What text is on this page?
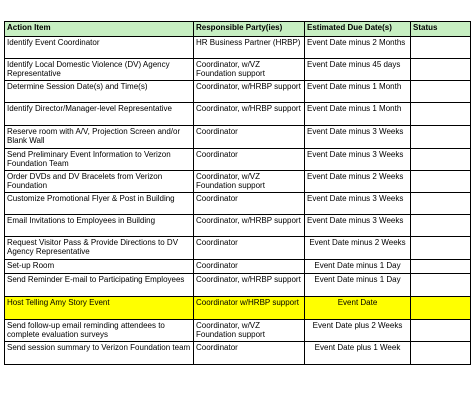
Action Item	Responsible Party(ies)	Estimated Due Date(s)	Status
Identify Event Coordinator	HR Business Partner (HRBP)	Event Date minus 2 Months	
Identify Local Domestic Violence (DV) Agency Representative	Coordinator, w/VZ Foundation support	Event Date minus 45 days	
Determine Session Date(s) and Time(s)	Coordinator, w/HRBP support	Event Date minus 1 Month	
Identify Director/Manager-level Representative	Coordinator, w/HRBP support	Event Date minus 1 Month	
Reserve room with A/V, Projection Screen and/or Blank Wall	Coordinator	Event Date minus 3 Weeks	
Send Preliminary Event Information to Verizon Foundation Team	Coordinator	Event Date minus 3 Weeks	
Order DVDs and DV Bracelets from Verizon Foundation	Coordinator, w/VZ Foundation support	Event Date minus 2 Weeks	
Customize Promotional Flyer & Post in Building	Coordinator	Event Date minus 3 Weeks	
Email Invitations to Employees in Building	Coordinator, w/HRBP support	Event Date minus 3 Weeks	
Request Visitor Pass & Provide Directions to DV Agency Representative	Coordinator	Event Date minus 2 Weeks	
Set-up Room	Coordinator	Event Date minus 1 Day	
Send Reminder E-mail to Participating Employees	Coordinator, w/HRBP support	Event Date minus 1 Day	
Host Telling Amy Story Event	Coordinator w/HRBP support	Event Date	
Send follow-up email reminding attendees to complete evaluation surveys	Coordinator, w/VZ Foundation support	Event Date plus 2 Weeks	
Send session summary to Verizon Foundation team	Coordinator	Event Date plus 1 Week	
